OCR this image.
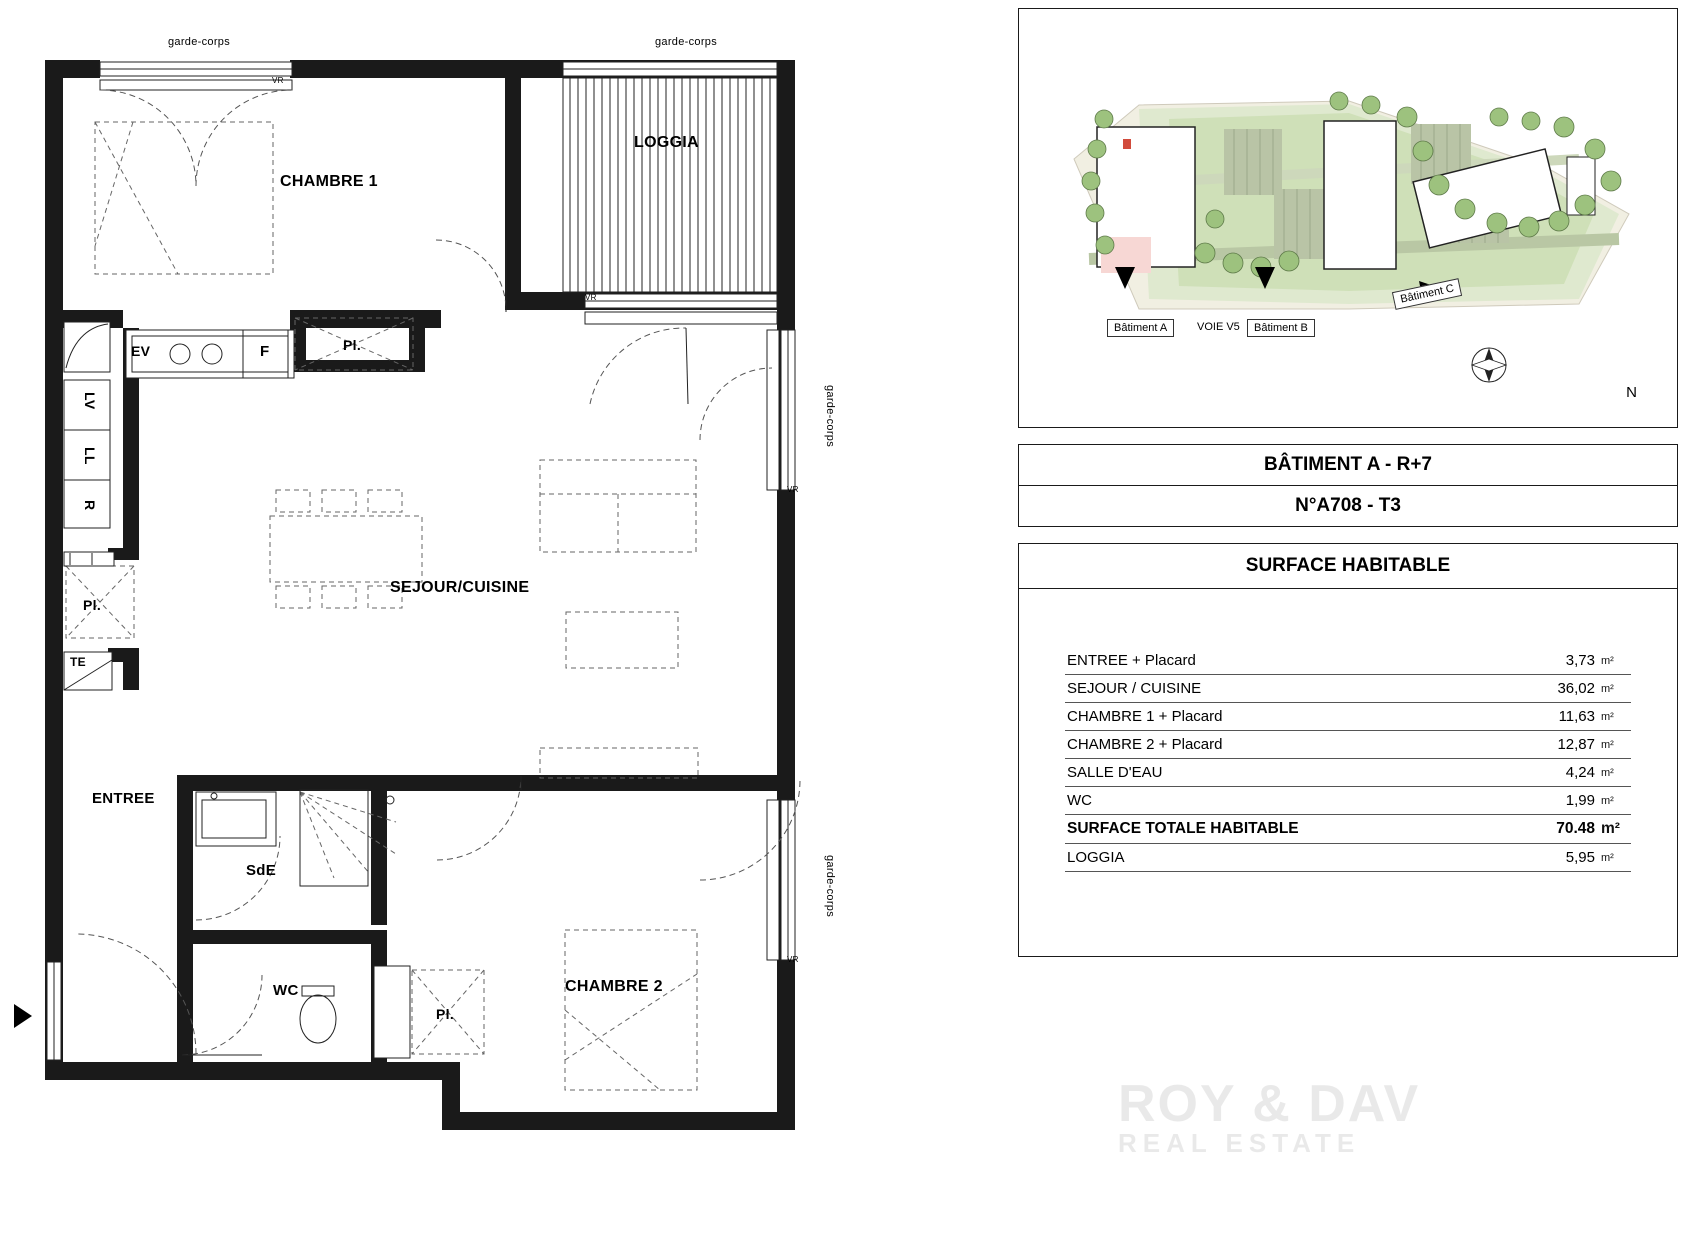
garde-corps	garde-corps
VR
VR
VR
VR
garde-corps
garde-corps
CHAMBRE 1
LOGGIA
SEJOUR/CUISINE
ENTREE
SdE
WC	CHAMBRE 2
EV	F
LV
LL
R
TE
Pl.
Pl.
Pl.
Bâtiment A	VOIE V5	Bâtiment B
Bâtiment C
N
BÂTIMENT A - R+7
N°A708 - T3
SURFACE HABITABLE
ENTREE + Placard	3,73	m²
SEJOUR / CUISINE	36,02	m²
CHAMBRE 1 + Placard	11,63	m²
CHAMBRE 2 + Placard	12,87	m²
SALLE D'EAU	4,24	m²
WC	1,99	m²
SURFACE TOTALE HABITABLE	70.48	m²
LOGGIA	5,95	m²
ROY & DAV
REAL ESTATE
